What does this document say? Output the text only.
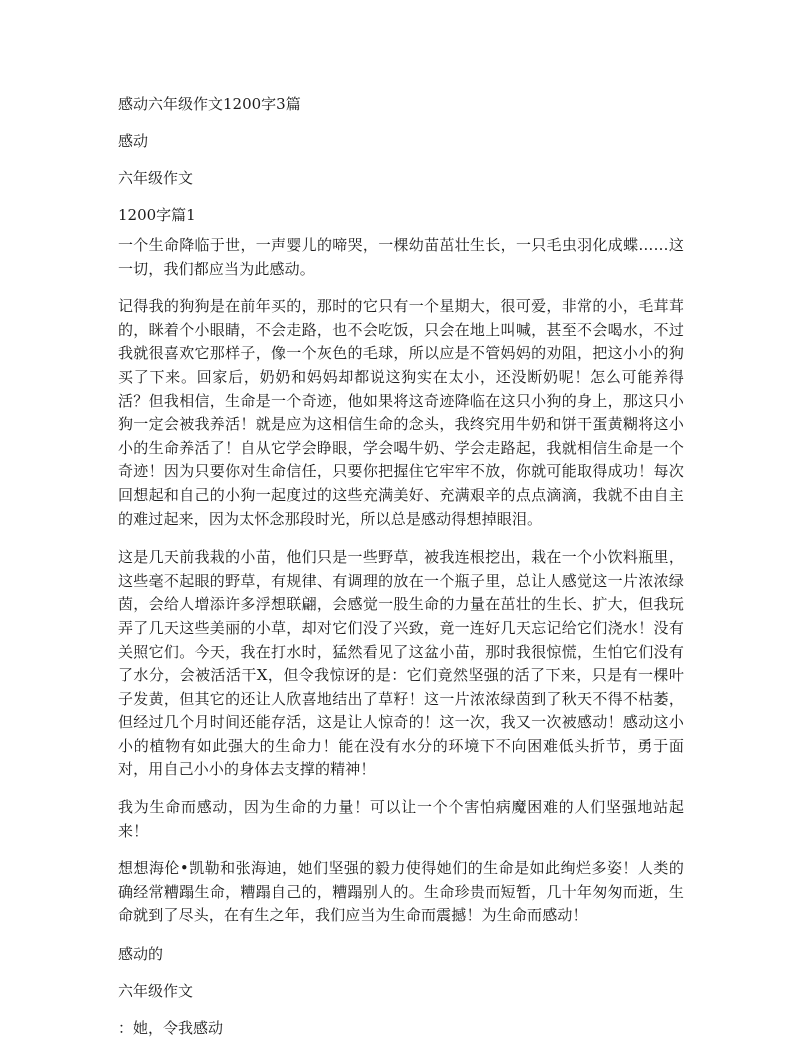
感动六年级作文1200字3篇

感动

六年级作文

1200字篇1

一个生命降临于世，一声婴儿的啼哭，一棵幼苗茁壮生长，一只毛虫羽化成蝶……这一切，我们都应当为此感动。

记得我的狗狗是在前年买的，那时的它只有一个星期大，很可爱，非常的小，毛茸茸的，眯着个小眼睛，不会走路，也不会吃饭，只会在地上叫喊，甚至不会喝水，不过我就很喜欢它那样子，像一个灰色的毛球，所以应是不管妈妈的劝阻，把这小小的狗买了下来。回家后，奶奶和妈妈却都说这狗实在太小，还没断奶呢！怎么可能养得活？但我相信，生命是一个奇迹，他如果将这奇迹降临在这只小狗的身上，那这只小狗一定会被我养活！就是应为这相信生命的念头，我终究用牛奶和饼干蛋黄糊将这小小的生命养活了！自从它学会睁眼，学会喝牛奶、学会走路起，我就相信生命是一个奇迹！因为只要你对生命信任，只要你把握住它牢牢不放，你就可能取得成功！每次回想起和自己的小狗一起度过的这些充满美好、充满艰辛的点点滴滴，我就不由自主的难过起来，因为太怀念那段时光，所以总是感动得想掉眼泪。

这是几天前我栽的小苗，他们只是一些野草，被我连根挖出，栽在一个小饮料瓶里，这些毫不起眼的野草，有规律、有调理的放在一个瓶子里，总让人感觉这一片浓浓绿茵，会给人增添许多浮想联翩，会感觉一股生命的力量在茁壮的生长、扩大，但我玩弄了几天这些美丽的小草，却对它们没了兴致，竟一连好几天忘记给它们浇水！没有关照它们。今天，我在打水时，猛然看见了这盆小苗，那时我很惊慌，生怕它们没有了水分，会被活活干X，但令我惊讶的是：它们竟然坚强的活了下来，只是有一棵叶子发黄，但其它的还让人欣喜地结出了草籽！这一片浓浓绿茵到了秋天不得不枯萎，但经过几个月时间还能存活，这是让人惊奇的！这一次，我又一次被感动！感动这小小的植物有如此强大的生命力！能在没有水分的环境下不向困难低头折节，勇于面对，用自己小小的身体去支撑的精神！

我为生命而感动，因为生命的力量！可以让一个个害怕病魔困难的人们坚强地站起来！

想想海伦•凯勒和张海迪，她们坚强的毅力使得她们的生命是如此绚烂多姿！人类的确经常糟蹋生命，糟蹋自己的，糟蹋别人的。生命珍贵而短暂，几十年匆匆而逝，生命就到了尽头，在有生之年，我们应当为生命而震撼！为生命而感动！

感动的

六年级作文

：她，令我感动
